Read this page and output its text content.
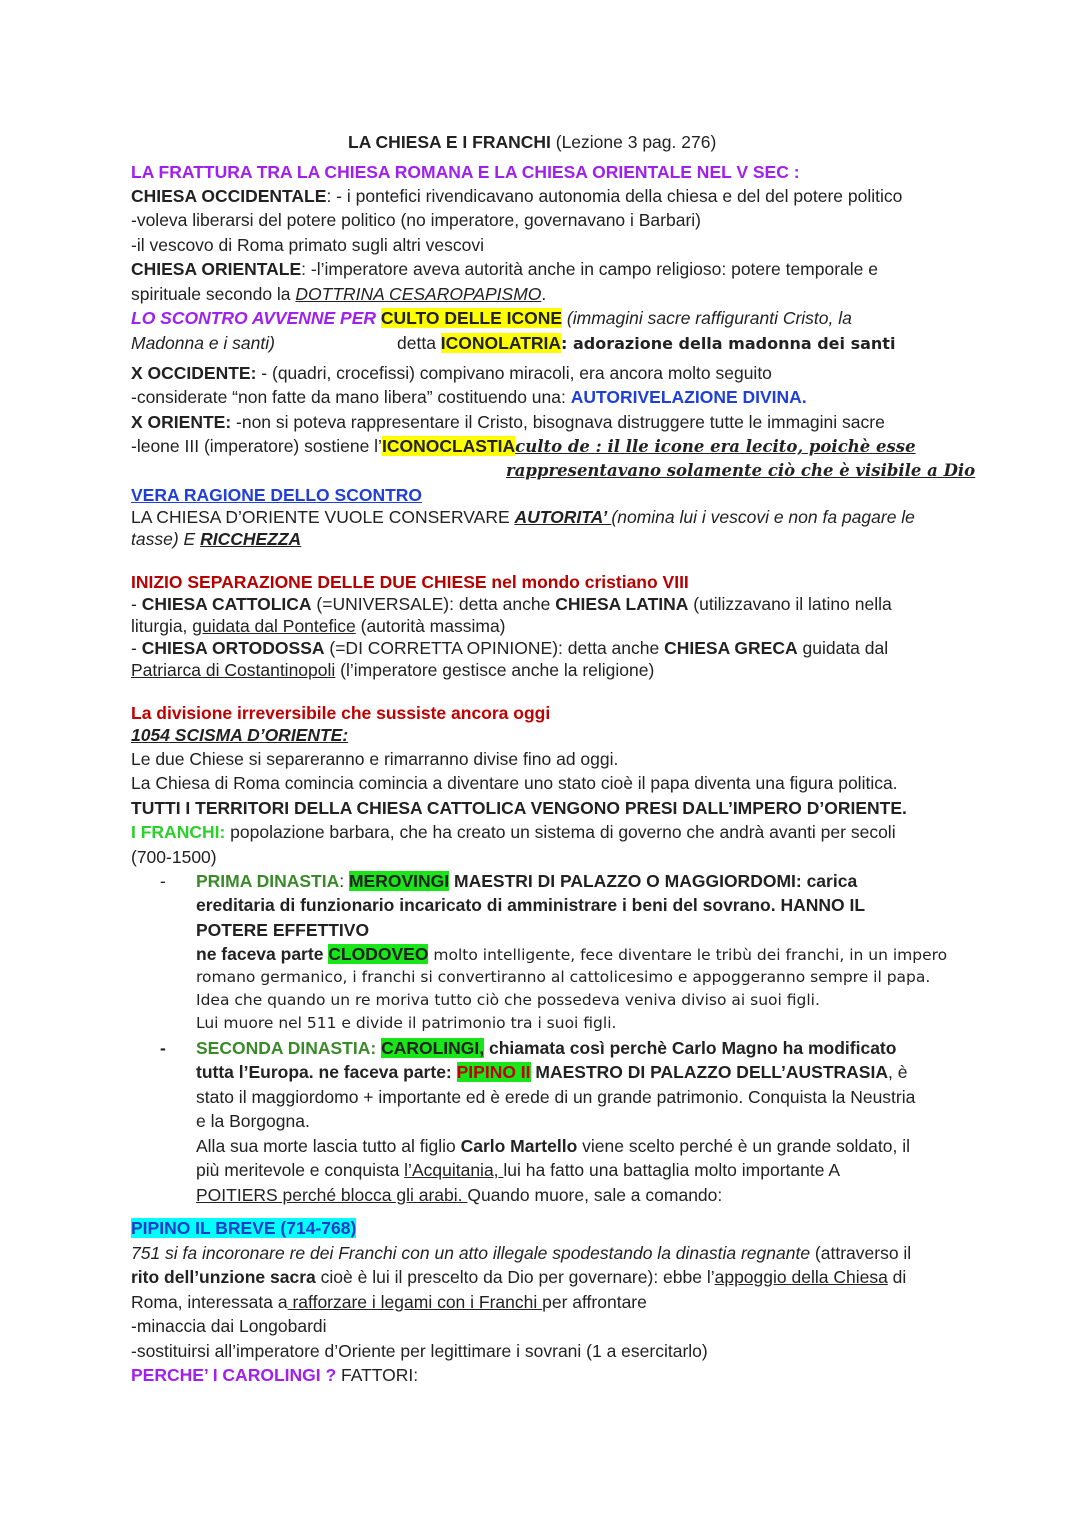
LA CHIESA E I FRANCHI (Lezione 3 pag. 276)
LA FRATTURA TRA LA CHIESA ROMANA E LA CHIESA ORIENTALE NEL V SEC :
CHIESA OCCIDENTALE: - i pontefici rivendicavano autonomia della chiesa e del del potere politico
-voleva liberarsi del potere politico (no imperatore, governavano i Barbari)
-il vescovo di Roma primato sugli altri vescovi
CHIESA ORIENTALE: -l’imperatore aveva autorità anche in campo religioso: potere temporale e
spirituale secondo la DOTTRINA CESAROPAPISMO.
LO SCONTRO AVVENNE PER CULTO DELLE ICONE (immagini sacre raffiguranti Cristo, la
Madonna e i santi)	detta ICONOLATRIA: adorazione della madonna dei santi
X OCCIDENTE: - (quadri, crocefissi) compivano miracoli, era ancora molto seguito
-considerate “non fatte da mano libera” costituendo una: AUTORIVELAZIONE DIVINA.
X ORIENTE: -non si poteva rappresentare il Cristo, bisognava distruggere tutte le immagini sacre
-leone III (imperatore) sostiene l’ICONOCLASTIAculto de : il lle icone era lecito, poichè esse
rappresentavano solamente ciò che è visibile a Dio
VERA RAGIONE DELLO SCONTRO
LA CHIESA D’ORIENTE VUOLE CONSERVARE AUTORITA’ (nomina lui i vescovi e non fa pagare le
tasse) E RICCHEZZA
INIZIO SEPARAZIONE DELLE DUE CHIESE nel mondo cristiano VIII
- CHIESA CATTOLICA (=UNIVERSALE): detta anche CHIESA LATINA (utilizzavano il latino nella
liturgia, guidata dal Pontefice (autorità massima)
- CHIESA ORTODOSSA (=DI CORRETTA OPINIONE): detta anche CHIESA GRECA guidata dal
Patriarca di Costantinopoli (l’imperatore gestisce anche la religione)
La divisione irreversibile che sussiste ancora oggi
1054 SCISMA D’ORIENTE:
Le due Chiese si separeranno e rimarranno divise fino ad oggi.
La Chiesa di Roma comincia comincia a diventare uno stato cioè il papa diventa una figura politica.
TUTTI I TERRITORI DELLA CHIESA CATTOLICA VENGONO PRESI DALL’IMPERO D’ORIENTE.
I FRANCHI: popolazione barbara, che ha creato un sistema di governo che andrà avanti per secoli
(700-1500)
- PRIMA DINASTIA: MEROVINGI MAESTRI DI PALAZZO O MAGGIORDOMI: carica
ereditaria di funzionario incaricato di amministrare i beni del sovrano. HANNO IL
POTERE EFFETTIVO
ne faceva parte CLODOVEO molto intelligente, fece diventare le tribù dei franchi, in un impero
romano germanico, i franchi si convertiranno al cattolicesimo e appoggeranno sempre il papa.
Idea che quando un re moriva tutto ciò che possedeva veniva diviso ai suoi figli.
Lui muore nel 511 e divide il patrimonio tra i suoi figli.
- SECONDA DINASTIA: CAROLINGI, chiamata così perchè Carlo Magno ha modificato
tutta l’Europa. ne faceva parte: PIPINO II MAESTRO DI PALAZZO DELL’AUSTRASIA, è
stato il maggiordomo + importante ed è erede di un grande patrimonio. Conquista la Neustria
e la Borgogna.
Alla sua morte lascia tutto al figlio Carlo Martello viene scelto perché è un grande soldato, il
più meritevole e conquista l’Acquitania, lui ha fatto una battaglia molto importante A
POITIERS perché blocca gli arabi. Quando muore, sale a comando:
PIPINO IL BREVE (714-768)
751 si fa incoronare re dei Franchi con un atto illegale spodestando la dinastia regnante (attraverso il
rito dell’unzione sacra cioè è lui il prescelto da Dio per governare): ebbe l’appoggio della Chiesa di
Roma, interessata a rafforzare i legami con i Franchi per affrontare
-minaccia dai Longobardi
-sostituirsi all’imperatore d’Oriente per legittimare i sovrani (1 a esercitarlo)
PERCHE’ I CAROLINGI ? FATTORI:
